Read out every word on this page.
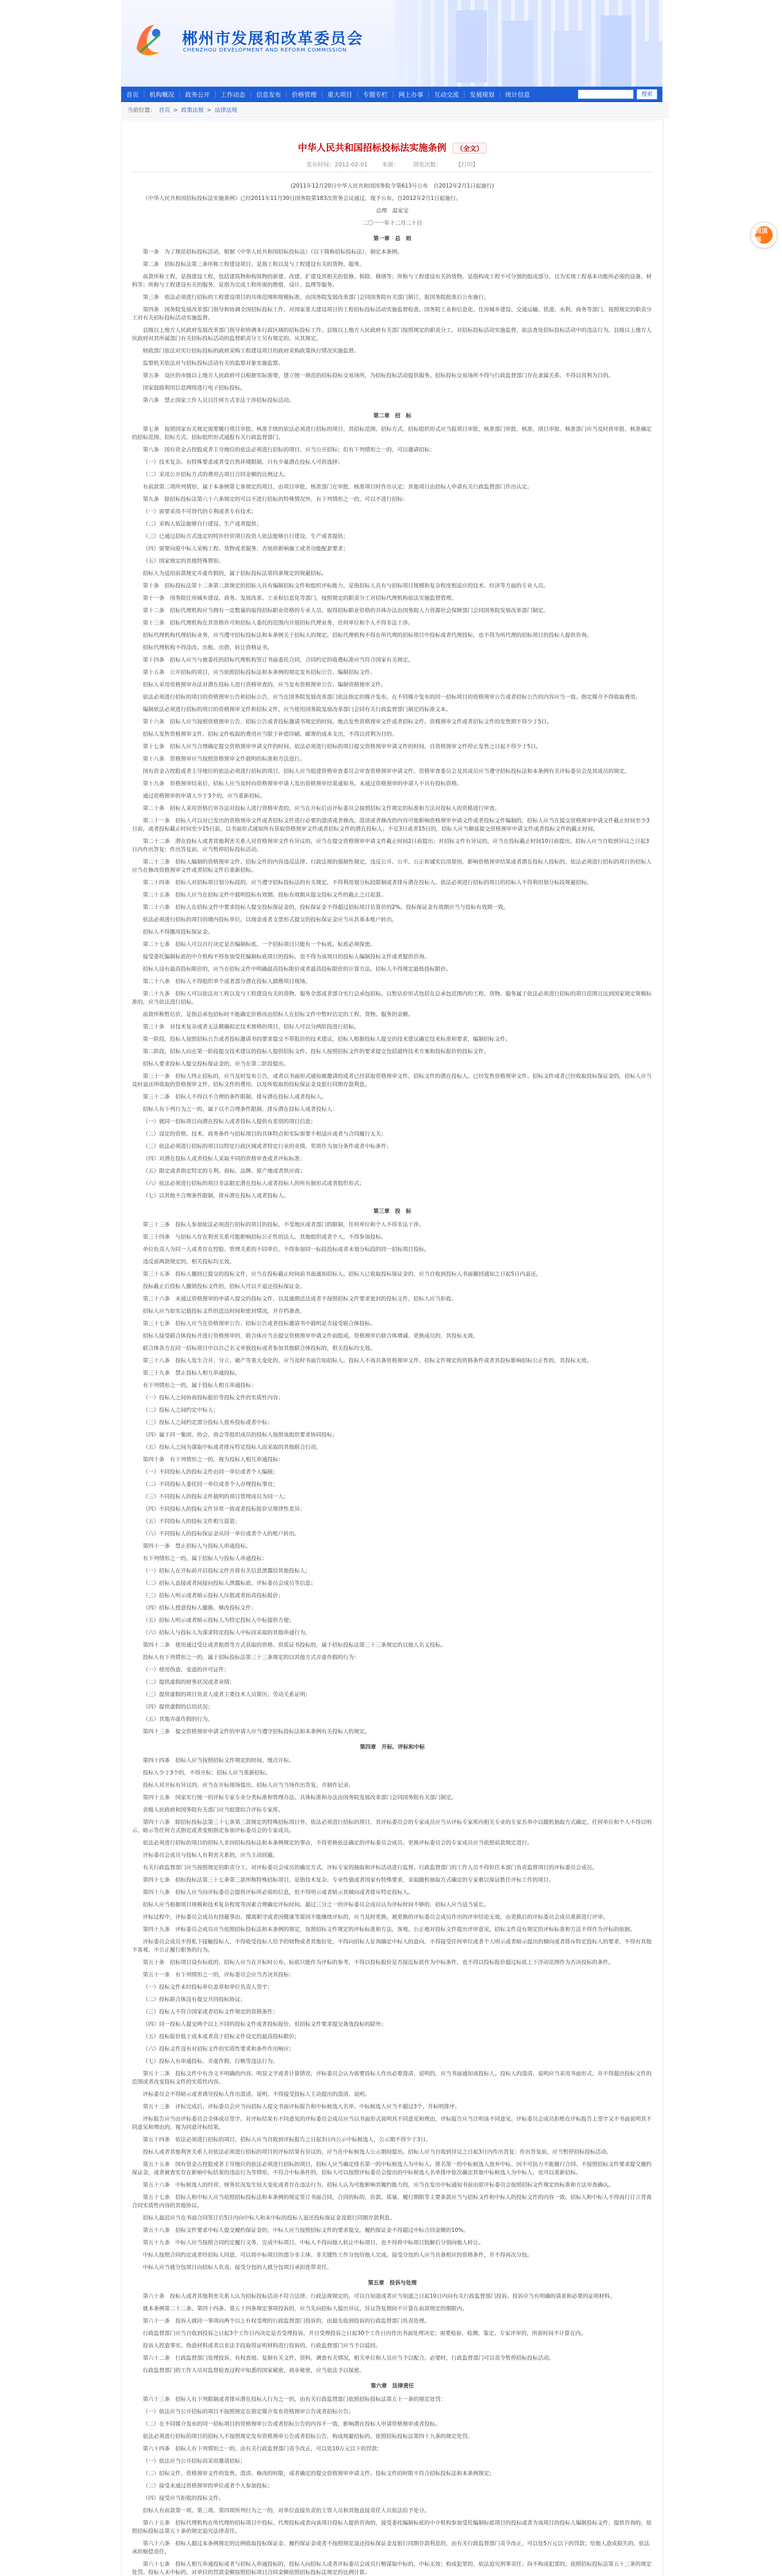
郴州市发展和改革委员会
CHENZHOU DEVELOPMENT AND REFORM COMMISSION
首页	机构概况	政务公开	工作动态	信息发布	价格管理	重大项目	专题专栏	网上办事	互动交流	发展规划	统计信息	搜索
当前位置： 首页 > 政策法规 > 法律法规
中华人民共和国招标投标法实施条例 （全文）
发布时间：2012-02-01	来源：	浏览次数：	【打印】
(2011年12月20日中华人民共和国国务院令第613号公布　自2012年2月1日起施行)
《中华人民共和国招标投标法实施条例》已经2011年11月30日国务院第183次常务会议通过，现予公布，自2012年2月1日起施行。
总理　温家宝
二〇一一年十二月二十日
第一章　总　则
第一条　为了规范招标投标活动，根据《中华人民共和国招标投标法》（以下简称招标投标法），制定本条例。
第二条　招标投标法第三条所称工程建设项目，是指工程以及与工程建设有关的货物、服务。
前款所称工程，是指建设工程，包括建筑物和构筑物的新建、改建、扩建及其相关的装修、拆除、修缮等；所称与工程建设有关的货物，是指构成工程不可分割的组成部分，且为实现工程基本功能所必需的设备、材料等；所称与工程建设有关的服务，是指为完成工程所需的勘察、设计、监理等服务。
第三条　依法必须进行招标的工程建设项目的具体范围和规模标准，由国务院发展改革部门会同国务院有关部门制订，报国务院批准后公布施行。
第四条　国务院发展改革部门指导和协调全国招标投标工作，对国家重大建设项目的工程招标投标活动实施监督检查。国务院工业和信息化、住房城乡建设、交通运输、铁道、水利、商务等部门，按照规定的职责分工对有关招标投标活动实施监督。
县级以上地方人民政府发展改革部门指导和协调本行政区域的招标投标工作。县级以上地方人民政府有关部门按照规定的职责分工，对招标投标活动实施监督，依法查处招标投标活动中的违法行为。县级以上地方人民政府对其所属部门有关招标投标活动的监督职责分工另有规定的，从其规定。
财政部门依法对实行招标投标的政府采购工程建设项目的政府采购政策执行情况实施监督。
监察机关依法对与招标投标活动有关的监察对象实施监察。
第五条　设区的市级以上地方人民政府可以根据实际需要，建立统一规范的招标投标交易场所，为招标投标活动提供服务。招标投标交易场所不得与行政监督部门存在隶属关系，不得以营利为目的。
国家鼓励利用信息网络进行电子招标投标。
第六条　禁止国家工作人员以任何方式非法干涉招标投标活动。
第二章　招　标
第七条　按照国家有关规定需要履行项目审批、核准手续的依法必须进行招标的项目，其招标范围、招标方式、招标组织形式应当报项目审批、核准部门审批、核准。项目审批、核准部门应当及时将审批、核准确定的招标范围、招标方式、招标组织形式通报有关行政监督部门。
第八条　国有资金占控股或者主导地位的依法必须进行招标的项目，应当公开招标；但有下列情形之一的，可以邀请招标：
（一）技术复杂、有特殊要求或者受自然环境限制，只有少量潜在投标人可供选择；
（二）采用公开招标方式的费用占项目合同金额的比例过大。
有前款第二项所列情形，属于本条例第七条规定的项目，由项目审批、核准部门在审批、核准项目时作出认定；其他项目由招标人申请有关行政监督部门作出认定。
第九条　除招标投标法第六十六条规定的可以不进行招标的特殊情况外，有下列情形之一的，可以不进行招标：
（一）需要采用不可替代的专利或者专有技术；
（二）采购人依法能够自行建设、生产或者提供；
（三）已通过招标方式选定的特许经营项目投资人依法能够自行建设、生产或者提供；
（四）需要向原中标人采购工程、货物或者服务，否则将影响施工或者功能配套要求；
（五）国家规定的其他特殊情形。
招标人为适用前款规定弄虚作假的，属于招标投标法第四条规定的规避招标。
第十条　招标投标法第十二条第二款规定的招标人具有编制招标文件和组织评标能力，是指招标人具有与招标项目规模和复杂程度相适应的技术、经济等方面的专业人员。
第十一条　国务院住房城乡建设、商务、发展改革、工业和信息化等部门，按照规定的职责分工对招标代理机构依法实施监督管理。
第十二条　招标代理机构应当拥有一定数量的取得招标职业资格的专业人员。取得招标职业资格的具体办法由国务院人力资源社会保障部门会同国务院发展改革部门制定。
第十三条　招标代理机构在其资格许可和招标人委托的范围内开展招标代理业务，任何单位和个人不得非法干涉。
招标代理机构代理招标业务，应当遵守招标投标法和本条例关于招标人的规定。招标代理机构不得在所代理的招标项目中投标或者代理投标，也不得为所代理的招标项目的投标人提供咨询。
招标代理机构不得涂改、出租、出借、转让资格证书。
第十四条　招标人应当与被委托的招标代理机构签订书面委托合同，合同约定的收费标准应当符合国家有关规定。
第十五条　公开招标的项目，应当依照招标投标法和本条例的规定发布招标公告、编制招标文件。
招标人采用资格预审办法对潜在投标人进行资格审查的，应当发布资格预审公告、编制资格预审文件。
依法必须进行招标的项目的资格预审公告和招标公告，应当在国务院发展改革部门依法指定的媒介发布。在不同媒介发布的同一招标项目的资格预审公告或者招标公告的内容应当一致。指定媒介不得收取费用。
编制依法必须进行招标的项目的资格预审文件和招标文件，应当使用国务院发展改革部门会同有关行政监督部门制定的标准文本。
第十六条　招标人应当按照资格预审公告、招标公告或者投标邀请书规定的时间、地点发售资格预审文件或者招标文件。资格预审文件或者招标文件的发售期不得少于5日。
招标人发售资格预审文件、招标文件收取的费用应当限于补偿印刷、邮寄的成本支出，不得以营利为目的。
第十七条　招标人应当合理确定提交资格预审申请文件的时间。依法必须进行招标的项目提交资格预审申请文件的时间，自资格预审文件停止发售之日起不得少于5日。
第十八条　资格预审应当按照资格预审文件载明的标准和方法进行。
国有资金占控股或者主导地位的依法必须进行招标的项目，招标人应当组建资格审查委员会审查资格预审申请文件。资格审查委员会及其成员应当遵守招标投标法和本条例有关评标委员会及其成员的规定。
第十九条　资格预审结束后，招标人应当及时向资格预审申请人发出资格预审结果通知书。未通过资格预审的申请人不具有投标资格。
通过资格预审的申请人少于3个的，应当重新招标。
第二十条　招标人采用资格后审办法对投标人进行资格审查的，应当在开标后由评标委员会按照招标文件规定的标准和方法对投标人的资格进行审查。
第二十一条　招标人可以对已发出的资格预审文件或者招标文件进行必要的澄清或者修改。澄清或者修改的内容可能影响资格预审申请文件或者投标文件编制的，招标人应当在提交资格预审申请文件截止时间至少3日前，或者投标截止时间至少15日前，以书面形式通知所有获取资格预审文件或者招标文件的潜在投标人；不足3日或者15日的，招标人应当顺延提交资格预审申请文件或者投标文件的截止时间。
第二十二条　潜在投标人或者其他利害关系人对资格预审文件有异议的，应当在提交资格预审申请文件截止时间2日前提出；对招标文件有异议的，应当在投标截止时间10日前提出。招标人应当自收到异议之日起3日内作出答复；作出答复前，应当暂停招标投标活动。
第二十三条　招标人编制的资格预审文件、招标文件的内容违反法律、行政法规的强制性规定，违反公开、公平、公正和诚实信用原则，影响资格预审结果或者潜在投标人投标的，依法必须进行招标的项目的招标人应当在修改资格预审文件或者招标文件后重新招标。
第二十四条　招标人对招标项目划分标段的，应当遵守招标投标法的有关规定，不得利用划分标段限制或者排斥潜在投标人。依法必须进行招标的项目的招标人不得利用划分标段规避招标。
第二十五条　招标人应当在招标文件中载明投标有效期。投标有效期从提交投标文件的截止之日起算。
第二十六条　招标人在招标文件中要求投标人提交投标保证金的，投标保证金不得超过招标项目估算价的2%。投标保证金有效期应当与投标有效期一致。
依法必须进行招标的项目的境内投标单位，以现金或者支票形式提交的投标保证金应当从其基本账户转出。
招标人不得挪用投标保证金。
第二十七条　招标人可以自行决定是否编制标底。一个招标项目只能有一个标底。标底必须保密。
接受委托编制标底的中介机构不得参加受托编制标底项目的投标，也不得为该项目的投标人编制投标文件或者提供咨询。
招标人设有最高投标限价的，应当在招标文件中明确最高投标限价或者最高投标限价的计算方法。招标人不得规定最低投标限价。
第二十八条　招标人不得组织单个或者部分潜在投标人踏勘项目现场。
第二十九条　招标人可以依法对工程以及与工程建设有关的货物、服务全部或者部分实行总承包招标。以暂估价形式包括在总承包范围内的工程、货物、服务属于依法必须进行招标的项目范围且达到国家规定规模标准的，应当依法进行招标。
前款所称暂估价，是指总承包招标时不能确定价格而由招标人在招标文件中暂时估定的工程、货物、服务的金额。
第三十条　对技术复杂或者无法精确拟定技术规格的项目，招标人可以分两阶段进行招标。
第一阶段，投标人按照招标公告或者投标邀请书的要求提交不带报价的技术建议，招标人根据投标人提交的技术建议确定技术标准和要求，编制招标文件。
第二阶段，招标人向在第一阶段提交技术建议的投标人提供招标文件，投标人按照招标文件的要求提交包括最终技术方案和投标报价的投标文件。
招标人要求投标人提交投标保证金的，应当在第二阶段提出。
第三十一条　招标人终止招标的，应当及时发布公告，或者以书面形式通知被邀请的或者已经获取资格预审文件、招标文件的潜在投标人。已经发售资格预审文件、招标文件或者已经收取投标保证金的，招标人应当及时退还所收取的资格预审文件、招标文件的费用，以及所收取的投标保证金及银行同期存款利息。
第三十二条　招标人不得以不合理的条件限制、排斥潜在投标人或者投标人。
招标人有下列行为之一的，属于以不合理条件限制、排斥潜在投标人或者投标人：
（一）就同一招标项目向潜在投标人或者投标人提供有差别的项目信息；
（二）设定的资格、技术、商务条件与招标项目的具体特点和实际需要不相适应或者与合同履行无关；
（三）依法必须进行招标的项目以特定行政区域或者特定行业的业绩、奖项作为加分条件或者中标条件；
（四）对潜在投标人或者投标人采取不同的资格审查或者评标标准；
（五）限定或者指定特定的专利、商标、品牌、原产地或者供应商；
（六）依法必须进行招标的项目非法限定潜在投标人或者投标人的所有制形式或者组织形式；
（七）以其他不合理条件限制、排斥潜在投标人或者投标人。
第三章　投　标
第三十三条　投标人参加依法必须进行招标的项目的投标，不受地区或者部门的限制，任何单位和个人不得非法干涉。
第三十四条　与招标人存在利害关系可能影响招标公正性的法人、其他组织或者个人，不得参加投标。
单位负责人为同一人或者存在控股、管理关系的不同单位，不得参加同一标段投标或者未划分标段的同一招标项目投标。
违反前两款规定的，相关投标均无效。
第三十五条　投标人撤回已提交的投标文件，应当在投标截止时间前书面通知招标人。招标人已收取投标保证金的，应当自收到投标人书面撤回通知之日起5日内退还。
投标截止后投标人撤销投标文件的，招标人可以不退还投标保证金。
第三十六条　未通过资格预审的申请人提交的投标文件，以及逾期送达或者不按照招标文件要求密封的投标文件，招标人应当拒收。
招标人应当如实记载投标文件的送达时间和密封情况，并存档备查。
第三十七条　招标人应当在资格预审公告、招标公告或者投标邀请书中载明是否接受联合体投标。
招标人接受联合体投标并进行资格预审的，联合体应当在提交资格预审申请文件前组成。资格预审后联合体增减、更换成员的，其投标无效。
联合体各方在同一招标项目中以自己名义单独投标或者参加其他联合体投标的，相关投标均无效。
第三十八条　投标人发生合并、分立、破产等重大变化的，应当及时书面告知招标人。投标人不再具备资格预审文件、招标文件规定的资格条件或者其投标影响招标公正性的，其投标无效。
第三十九条　禁止投标人相互串通投标。
有下列情形之一的，属于投标人相互串通投标：
（一）投标人之间协商投标报价等投标文件的实质性内容；
（二）投标人之间约定中标人；
（三）投标人之间约定部分投标人放弃投标或者中标；
（四）属于同一集团、协会、商会等组织成员的投标人按照该组织要求协同投标；
（五）投标人之间为谋取中标或者排斥特定投标人而采取的其他联合行动。
第四十条　有下列情形之一的，视为投标人相互串通投标：
（一）不同投标人的投标文件由同一单位或者个人编制；
（二）不同投标人委托同一单位或者个人办理投标事宜；
（三）不同投标人的投标文件载明的项目管理成员为同一人；
（四）不同投标人的投标文件异常一致或者投标报价呈规律性差异；
（五）不同投标人的投标文件相互混装；
（六）不同投标人的投标保证金从同一单位或者个人的账户转出。
第四十一条　禁止招标人与投标人串通投标。
有下列情形之一的，属于招标人与投标人串通投标：
（一）招标人在开标前开启投标文件并将有关信息泄露给其他投标人；
（二）招标人直接或者间接向投标人泄露标底、评标委员会成员等信息；
（三）招标人明示或者暗示投标人压低或者抬高投标报价；
（四）招标人授意投标人撤换、修改投标文件；
（五）招标人明示或者暗示投标人为特定投标人中标提供方便；
（六）招标人与投标人为谋求特定投标人中标而采取的其他串通行为。
第四十二条　使用通过受让或者租借等方式获取的资格、资质证书投标的，属于招标投标法第三十三条规定的以他人名义投标。
投标人有下列情形之一的，属于招标投标法第三十三条规定的以其他方式弄虚作假的行为：
（一）使用伪造、变造的许可证件；
（二）提供虚假的财务状况或者业绩；
（三）提供虚假的项目负责人或者主要技术人员简历、劳动关系证明；
（四）提供虚假的信用状况；
（五）其他弄虚作假的行为。
第四十三条　提交资格预审申请文件的申请人应当遵守招标投标法和本条例有关投标人的规定。
第四章　开标、评标和中标
第四十四条　招标人应当按照招标文件规定的时间、地点开标。
投标人少于3个的，不得开标；招标人应当重新招标。
投标人对开标有异议的，应当在开标现场提出，招标人应当当场作出答复，并制作记录。
第四十五条　国家实行统一的评标专家专业分类标准和管理办法。具体标准和办法由国务院发展改革部门会同国务院有关部门制定。
省级人民政府和国务院有关部门应当组建综合评标专家库。
第四十六条　除招标投标法第三十七条第三款规定的特殊招标项目外，依法必须进行招标的项目，其评标委员会的专家成员应当从评标专家库内相关专业的专家名单中以随机抽取方式确定。任何单位和个人不得以明示、暗示等任何方式指定或者变相指定参加评标委员会的专家成员。
依法必须进行招标的项目的招标人非因招标投标法和本条例规定的事由，不得更换依法确定的评标委员会成员。更换评标委员会的专家成员应当依照前款规定进行。
评标委员会成员与投标人有利害关系的，应当主动回避。
有关行政监督部门应当按照规定的职责分工，对评标委员会成员的确定方式、评标专家的抽取和评标活动进行监督。行政监督部门的工作人员不得担任本部门负责监督项目的评标委员会成员。
第四十七条　招标投标法第三十七条第三款所称特殊招标项目，是指技术复杂、专业性强或者国家有特殊要求，采取随机抽取方式确定的专家难以保证胜任评标工作的项目。
第四十八条　招标人应当向评标委员会提供评标所必需的信息，但不得明示或者暗示其倾向或者排斥特定投标人。
招标人应当根据项目规模和技术复杂程度等因素合理确定评标时间。超过三分之一的评标委员会成员认为评标时间不够的，招标人应当适当延长。
评标过程中，评标委员会成员有回避事由、擅离职守或者因健康等原因不能继续评标的，应当及时更换。被更换的评标委员会成员作出的评审结论无效，由更换后的评标委员会成员重新进行评审。
第四十九条　评标委员会成员应当依照招标投标法和本条例的规定，按照招标文件规定的评标标准和方法，客观、公正地对投标文件提出评审意见。招标文件没有规定的评标标准和方法不得作为评标的依据。
评标委员会成员不得私下接触投标人，不得收受投标人给予的财物或者其他好处，不得向招标人征询确定中标人的意向，不得接受任何单位或者个人明示或者暗示提出的倾向或者排斥特定投标人的要求，不得有其他不客观、不公正履行职务的行为。
第五十条　招标项目设有标底的，招标人应当在开标时公布。标底只能作为评标的参考，不得以投标报价是否接近标底作为中标条件，也不得以投标报价超过标底上下浮动范围作为否决投标的条件。
第五十一条　有下列情形之一的，评标委员会应当否决其投标：
（一）投标文件未经投标单位盖章和单位负责人签字；
（二）投标联合体没有提交共同投标协议；
（三）投标人不符合国家或者招标文件规定的资格条件；
（四）同一投标人提交两个以上不同的投标文件或者投标报价，但招标文件要求提交备选投标的除外；
（五）投标报价低于成本或者高于招标文件设定的最高投标限价；
（六）投标文件没有对招标文件的实质性要求和条件作出响应；
（七）投标人有串通投标、弄虚作假、行贿等违法行为。
第五十二条　投标文件中有含义不明确的内容、明显文字或者计算错误，评标委员会认为需要投标人作出必要澄清、说明的，应当书面通知该投标人。投标人的澄清、说明应当采用书面形式，并不得超出投标文件的范围或者改变投标文件的实质性内容。
评标委员会不得暗示或者诱导投标人作出澄清、说明，不得接受投标人主动提出的澄清、说明。
第五十三条　评标完成后，评标委员会应当向招标人提交书面评标报告和中标候选人名单。中标候选人应当不超过3个，并标明排序。
评标报告应当由评标委员会全体成员签字。对评标结果有不同意见的评标委员会成员应当以书面形式说明其不同意见和理由，评标报告应当注明该不同意见。评标委员会成员拒绝在评标报告上签字又不书面说明其不同意见和理由的，视为同意评标结果。
第五十四条　依法必须进行招标的项目，招标人应当自收到评标报告之日起3日内公示中标候选人，公示期不得少于3日。
投标人或者其他利害关系人对依法必须进行招标的项目的评标结果有异议的，应当在中标候选人公示期间提出。招标人应当自收到异议之日起3日内作出答复；作出答复前，应当暂停招标投标活动。
第五十五条　国有资金占控股或者主导地位的依法必须进行招标的项目，招标人应当确定排名第一的中标候选人为中标人。排名第一的中标候选人放弃中标、因不可抗力不能履行合同、不按照招标文件要求提交履约保证金，或者被查实存在影响中标结果的违法行为等情形，不符合中标条件的，招标人可以按照评标委员会提出的中标候选人名单排序依次确定其他中标候选人为中标人，也可以重新招标。
第五十六条　中标候选人的经营、财务状况发生较大变化或者存在违法行为，招标人认为可能影响其履约能力的，应当在发出中标通知书前由原评标委员会按照招标文件规定的标准和方法审查确认。
第五十七条　招标人和中标人应当依照招标投标法和本条例的规定签订书面合同，合同的标的、价款、质量、履行期限等主要条款应当与招标文件和中标人的投标文件的内容一致。招标人和中标人不得再行订立背离合同实质性内容的其他协议。
招标人最迟应当在书面合同签订后5日内向中标人和未中标的投标人退还投标保证金及银行同期存款利息。
第五十八条　招标文件要求中标人提交履约保证金的，中标人应当按照招标文件的要求提交。履约保证金不得超过中标合同金额的10%。
第五十九条　中标人应当按照合同约定履行义务，完成中标项目。中标人不得向他人转让中标项目，也不得将中标项目肢解后分别向他人转让。
中标人按照合同约定或者经招标人同意，可以将中标项目的部分非主体、非关键性工作分包给他人完成。接受分包的人应当具备相应的资格条件，并不得再次分包。
中标人应当就分包项目向招标人负责，接受分包的人就分包项目承担连带责任。
第五章　投诉与处理
第六十条　投标人或者其他利害关系人认为招标投标活动不符合法律、行政法规规定的，可以自知道或者应当知道之日起10日内向有关行政监督部门投诉。投诉应当有明确的请求和必要的证明材料。
就本条例第二十二条、第四十四条、第五十四条规定事项投诉的，应当先向招标人提出异议，异议答复期间不计算在前款规定的期限内。
第六十一条　投诉人就同一事项向两个以上有权受理的行政监督部门投诉的，由最先收到投诉的行政监督部门负责处理。
行政监督部门应当自收到投诉之日起3个工作日内决定是否受理投诉，并自受理投诉之日起30个工作日内作出书面处理决定；需要检验、检测、鉴定、专家评审的，所需时间不计算在内。
投诉人捏造事实、伪造材料或者以非法手段取得证明材料进行投诉的，行政监督部门应当予以驳回。
第六十二条　行政监督部门处理投诉，有权查阅、复制有关文件、资料，调查有关情况，相关单位和人员应当予以配合。必要时，行政监督部门可以责令暂停招标投标活动。
行政监督部门的工作人员对监督检查过程中知悉的国家秘密、商业秘密，应当依法予以保密。
第六章　法律责任
第六十三条　招标人有下列限制或者排斥潜在投标人行为之一的，由有关行政监督部门依照招标投标法第五十一条的规定处罚：
（一）依法应当公开招标的项目不按照规定在指定媒介发布资格预审公告或者招标公告；
（二）在不同媒介发布的同一招标项目的资格预审公告或者招标公告的内容不一致，影响潜在投标人申请资格预审或者投标。
依法必须进行招标的项目的招标人不按照规定发布资格预审公告或者招标公告，构成规避招标的，依照招标投标法第四十九条的规定处罚。
第六十四条　招标人有下列情形之一的，由有关行政监督部门责令改正，可以处10万元以下的罚款：
（一）依法应当公开招标而采用邀请招标；
（二）招标文件、资格预审文件的发售、澄清、修改的时限，或者确定的提交资格预审申请文件、投标文件的时限不符合招标投标法和本条例规定；
（三）接受未通过资格预审的单位或者个人参加投标；
（四）接受应当拒收的投标文件。
招标人有前款第一项、第三项、第四项所列行为之一的，对单位直接负责的主管人员和其他直接责任人员依法给予处分。
第六十五条　招标代理机构在所代理的招标项目中投标、代理投标或者向该项目投标人提供咨询的，接受委托编制标底的中介机构参加受托编制标底项目的投标或者为该项目的投标人编制投标文件、提供咨询的，依照招标投标法第五十条的规定追究法律责任。
第六十六条　招标人超过本条例规定的比例收取投标保证金、履约保证金或者不按照规定退还投标保证金及银行同期存款利息的，由有关行政监督部门责令改正，可以处5万元以下的罚款；给他人造成损失的，依法承担赔偿责任。
第六十七条　投标人相互串通投标或者与招标人串通投标的，投标人向招标人或者评标委员会成员行贿谋取中标的，中标无效；构成犯罪的，依法追究刑事责任；尚不构成犯罪的，依照招标投标法第五十三条的规定处罚。投标人未中标的，对单位的罚款金额按照招标项目合同金额依照招标投标法规定的比例计算。
回顶部
